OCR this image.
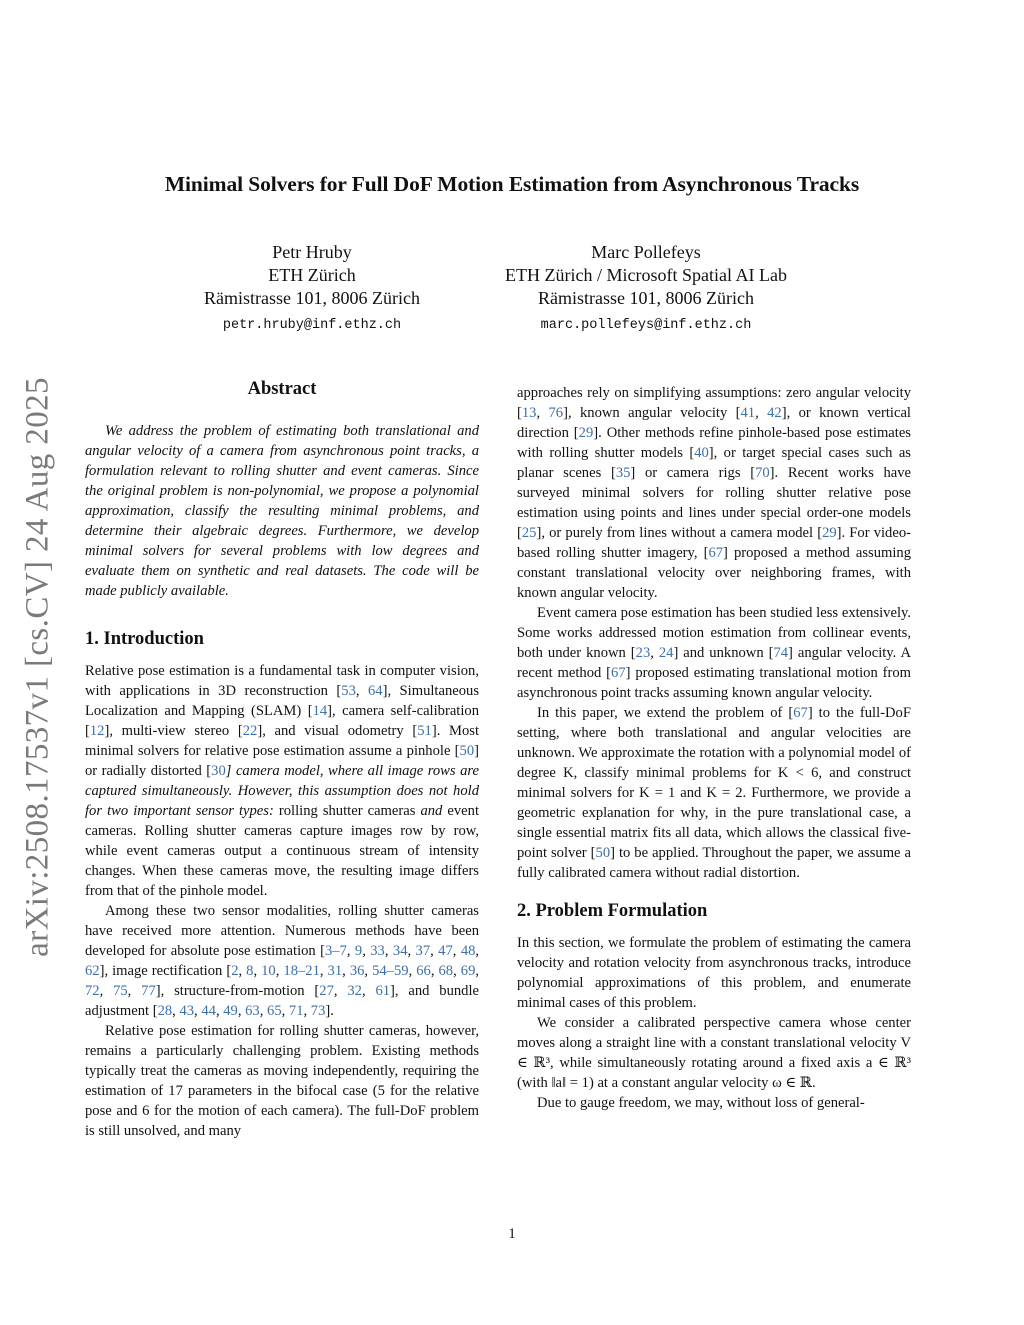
arXiv:2508.17537v1 [cs.CV] 24 Aug 2025
Minimal Solvers for Full DoF Motion Estimation from Asynchronous Tracks
Petr Hruby
ETH Zürich
Rämistrasse 101, 8006 Zürich
petr.hruby@inf.ethz.ch
Marc Pollefeys
ETH Zürich / Microsoft Spatial AI Lab
Rämistrasse 101, 8006 Zürich
marc.pollefeys@inf.ethz.ch
Abstract

We address the problem of estimating both translational and angular velocity of a camera from asynchronous point tracks, a formulation relevant to rolling shutter and event cameras. Since the original problem is non-polynomial, we propose a polynomial approximation, classify the resulting minimal problems, and determine their algebraic degrees. Furthermore, we develop minimal solvers for several problems with low degrees and evaluate them on synthetic and real datasets. The code will be made publicly available.

1. Introduction

Relative pose estimation is a fundamental task in computer vision, with applications in 3D reconstruction [53, 64], Simultaneous Localization and Mapping (SLAM) [14], camera self-calibration [12], multi-view stereo [22], and visual odometry [51]. Most minimal solvers for relative pose estimation assume a pinhole [50] or radially distorted [30] camera model, where all image rows are captured simultaneously. However, this assumption does not hold for two important sensor types: rolling shutter cameras and event cameras. Rolling shutter cameras capture images row by row, while event cameras output a continuous stream of intensity changes. When these cameras move, the resulting image differs from that of the pinhole model.

Among these two sensor modalities, rolling shutter cameras have received more attention. Numerous methods have been developed for absolute pose estimation [3–7, 9, 33, 34, 37, 47, 48, 62], image rectification [2, 8, 10, 18–21, 31, 36, 54–59, 66, 68, 69, 72, 75, 77], structure-from-motion [27, 32, 61], and bundle adjustment [28, 43, 44, 49, 63, 65, 71, 73].

Relative pose estimation for rolling shutter cameras, however, remains a particularly challenging problem. Existing methods typically treat the cameras as moving independently, requiring the estimation of 17 parameters in the bifocal case (5 for the relative pose and 6 for the motion of each camera). The full-DoF problem is still unsolved, and many

approaches rely on simplifying assumptions: zero angular velocity [13, 76], known angular velocity [41, 42], or known vertical direction [29]. Other methods refine pinhole-based pose estimates with rolling shutter models [40], or target special cases such as planar scenes [35] or camera rigs [70]. Recent works have surveyed minimal solvers for rolling shutter relative pose estimation using points and lines under special order-one models [25], or purely from lines without a camera model [29]. For video-based rolling shutter imagery, [67] proposed a method assuming constant translational velocity over neighboring frames, with known angular velocity.

Event camera pose estimation has been studied less extensively. Some works addressed motion estimation from collinear events, both under known [23, 24] and unknown [74] angular velocity. A recent method [67] proposed estimating translational motion from asynchronous point tracks assuming known angular velocity.

In this paper, we extend the problem of [67] to the full-DoF setting, where both translational and angular velocities are unknown. We approximate the rotation with a polynomial model of degree K, classify minimal problems for K < 6, and construct minimal solvers for K = 1 and K = 2. Furthermore, we provide a geometric explanation for why, in the pure translational case, a single essential matrix fits all data, which allows the classical five-point solver [50] to be applied. Throughout the paper, we assume a fully calibrated camera without radial distortion.

2. Problem Formulation

In this section, we formulate the problem of estimating the camera velocity and rotation velocity from asynchronous tracks, introduce polynomial approximations of this problem, and enumerate minimal cases of this problem.

We consider a calibrated perspective camera whose center moves along a straight line with a constant translational velocity V ∈ ℝ³, while simultaneously rotating around a fixed axis a ∈ ℝ³ (with ‖a‖ = 1) at a constant angular velocity ω ∈ ℝ.

Due to gauge freedom, we may, without loss of general-

1
